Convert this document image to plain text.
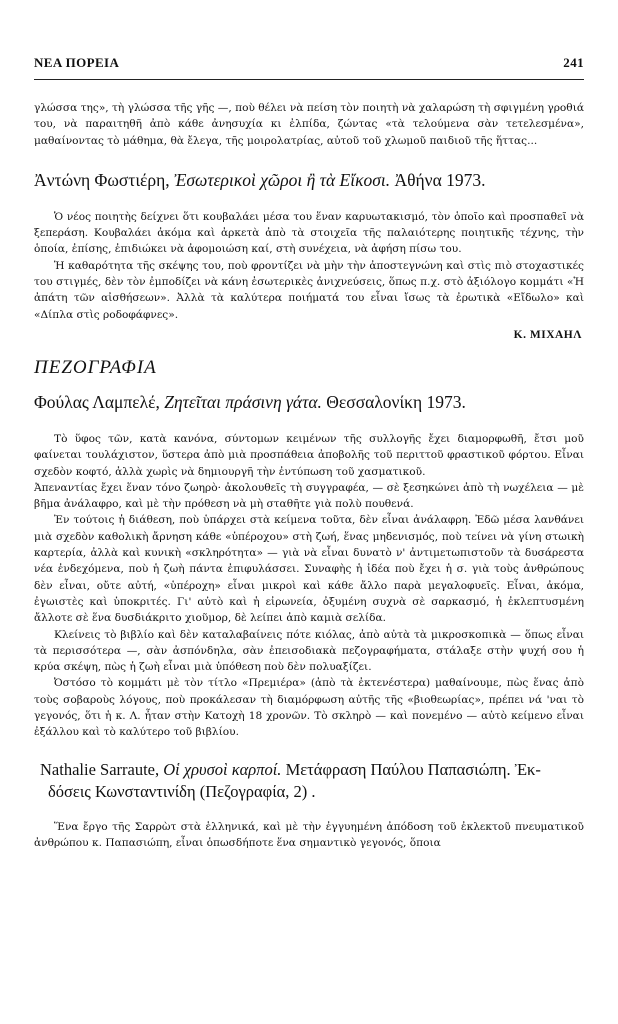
ΝΕΑ ΠΟΡΕΙΑ	241

γλώσσα της», τὴ γλώσσα τῆς γῆς —, ποὺ θέλει νὰ πείση τὸν ποιητὴ νὰ χαλαρώση τὴ σφιγμένη γροθιά του, νὰ παραιτηθῆ ἀπὸ κάθε ἀνησυχία κι ἐλπίδα, ζώντας «τὰ τελούμενα σὰν τετελεσμένα», μαθαίνοντας τὸ μάθημα, θὰ ἔλεγα, τῆς μοιρολατρίας, αὐτοῦ τοῦ χλωμοῦ παιδιοῦ τῆς ἥττας...

Ἀντώνη Φωστιέρη, Ἐσωτερικοὶ χῶροι ἢ τὰ Εἴκοσι. Ἀθήνα 1973.

Ὁ νέος ποιητὴς δείχνει ὅτι κουβαλάει μέσα του ἕναν καρυωτακισμό, τὸν ὁποῖο καὶ προσπαθεῖ νὰ ξεπεράση. Κουβαλάει ἀκόμα καὶ ἀρκετὰ ἀπὸ τὰ στοιχεῖα τῆς παλαιότερης ποιητικῆς τέχνης, τὴν ὁποία, ἐπίσης, ἐπιδιώκει νὰ ἀφομοιώση καί, στὴ συνέχεια, νὰ ἀφήση πίσω του.

Ἡ καθαρότητα τῆς σκέψης του, ποὺ φροντίζει νὰ μὴν τὴν ἀποστεγνώνη καὶ στὶς πιὸ στοχαστικές του στιγμές, δὲν τὸν ἐμποδίζει νὰ κάνη ἐσωτερικὲς ἀνιχνεύσεις, ὅπως π.χ. στὸ ἀξιόλογο κομμάτι «Ἡ ἀπάτη τῶν αἰσθήσεων». Ἀλλὰ τὰ καλύτερα ποιήματά του εἶναι ἴσως τὰ ἐρωτικὰ «Εἴδωλο» καὶ «Δίπλα στὶς ροδοφάφνες».

Κ. ΜΙΧΑΗΛ
ΠΕΖΟΓΡΑΦΙΑ
Φούλας Λαμπελέ, Ζητεῖται πράσινη γάτα. Θεσσαλονίκη 1973.

Τὸ ὕφος τῶν, κατὰ κανόνα, σύντομων κειμένων τῆς συλλογῆς ἔχει διαμορφωθῆ, ἔτσι μοῦ φαίνεται τουλάχιστον, ὕστερα ἀπὸ μιὰ προσπάθεια ἀποβολῆς τοῦ περιττοῦ φραστικοῦ φόρτου. Εἶναι σχεδὸν κοφτό, ἀλλὰ χωρὶς νὰ δημιουργῆ τὴν ἐντύπωση τοῦ χασματικοῦ.

Ἀπεναντίας ἔχει ἕναν τόνο ζωηρὸ· ἀκολουθεῖς τὴ συγγραφέα, — σὲ ξεσηκώνει ἀπὸ τὴ νωχέλεια — μὲ βῆμα ἀνάλαφρο, καὶ μὲ τὴν πρόθεση νὰ μὴ σταθῆτε γιὰ πολὺ πουθενά.

Ἐν τούτοις ἡ διάθεση, ποὺ ὑπάρχει στὰ κείμενα τοῦτα, δὲν εἶναι ἀνάλαφρη. Ἐδῶ μέσα λανθάνει μιὰ σχεδὸν καθολικὴ ἄρνηση κάθε «ὑπέροχου» στὴ ζωή, ἕνας μηδενισμός, ποὺ τείνει νὰ γίνη στωικὴ καρτερία, ἀλλὰ καὶ κυνικὴ «σκληρότητα» — γιὰ νὰ εἶναι δυνατὸ ν' ἀντιμετωπιστοῦν τὰ δυσάρεστα νέα ἐνδεχόμενα, ποὺ ἡ ζωὴ πάντα ἐπιφυλάσσει. Συναφὴς ἡ ἰδέα ποὺ ἔχει ἡ σ. γιὰ τοὺς ἀνθρώπους δὲν εἶναι, οὔτε αὐτή, «ὑπέροχη» εἶναι μικροὶ καὶ κάθε ἄλλο παρὰ μεγαλοφυεῖς. Εἶναι, ἀκόμα, ἐγωιστὲς καὶ ὑποκριτές. Γι' αὐτὸ καὶ ἡ εἰρωνεία, ὀξυμένη συχνὰ σὲ σαρκασμό, ἡ ἐκλεπτυσμένη ἄλλοτε σὲ ἕνα δυσδιάκριτο χιοῦμορ, δὲ λείπει ἀπὸ καμιὰ σελίδα.

Κλείνεις τὸ βιβλίο καὶ δὲν καταλαβαίνεις πότε κιόλας, ἀπὸ αὐτὰ τὰ μικροσκοπικὰ — ὅπως εἶναι τὰ περισσότερα —, σὰν ἀσπόνδηλα, σὰν ἐπεισοδιακὰ πεζογραφήματα, στάλαξε στὴν ψυχή σου ἡ κρύα σκέψη, πὼς ἡ ζωὴ εἶναι μιὰ ὑπόθεση ποὺ δὲν πολυαξίζει.

Ὀστόσο τὸ κομμάτι μὲ τὸν τίτλο «Πρεμιέρα» (ἀπὸ τὰ ἐκτενέστερα) μαθαίνουμε, πὼς ἕνας ἀπὸ τοὺς σοβαροὺς λόγους, ποὺ προκάλεσαν τὴ διαμόρφωση αὐτῆς τῆς «βιοθεωρίας», πρέπει νά 'ναι τὸ γεγονός, ὅτι ἡ κ. Λ. ἦταν στὴν Κατοχὴ 18 χρονῶν. Τὸ σκληρὸ — καὶ πονεμένο — αὐτὸ κείμενο εἶναι ἐξάλλου καὶ τὸ καλύτερο τοῦ βιβλίου.

Nathalie Sarraute, Οἱ χρυσοὶ καρποί. Μετάφραση Παύλου Παπασιώπη. Ἐκ-
δόσεις Κωνσταντινίδη (Πεζογραφία, 2) .

Ἕνα ἔργο τῆς Σαρρὼτ στὰ ἑλληνικά, καὶ μὲ τὴν ἐγγυημένη ἀπόδοση τοῦ ἐκλεκτοῦ πνευματικοῦ ἀνθρώπου κ. Παπασιώπη, εἶναι ὁπωσδήποτε ἕνα σημαντικὸ γεγονός, ὅποια
